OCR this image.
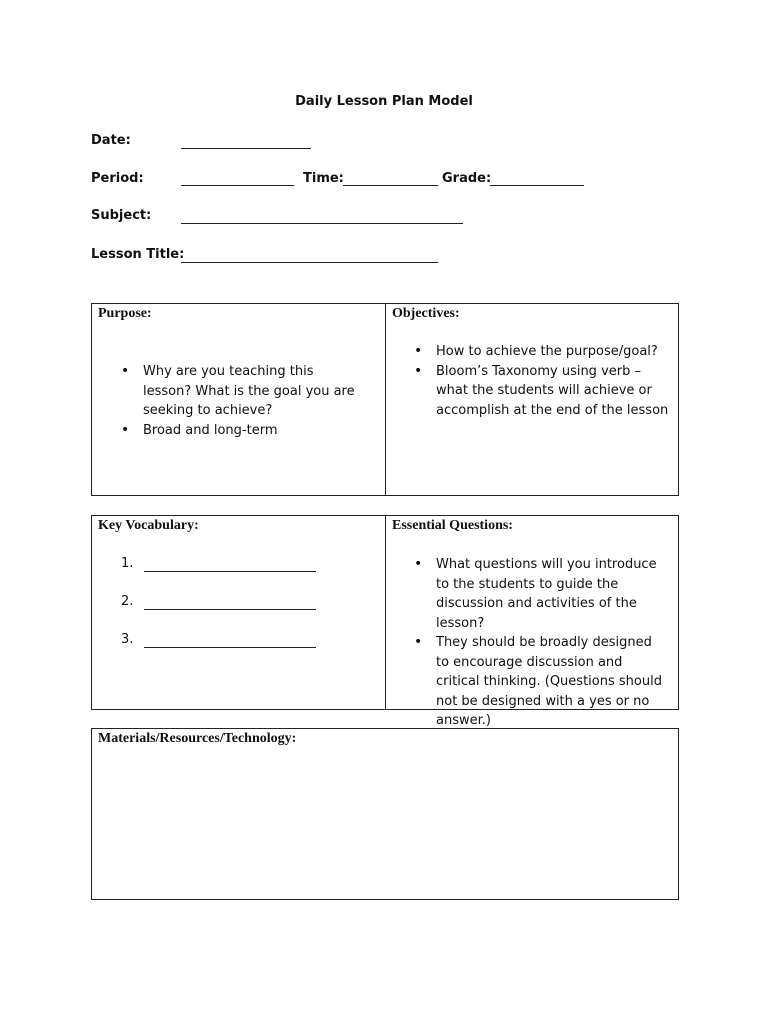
Daily Lesson Plan Model
Date:
Period:	Time:	Grade:
Subject:
Lesson Title:
Purpose:
• Why are you teaching this lesson? What is the goal you are seeking to achieve?
• Broad and long-term
Objectives:
• How to achieve the purpose/goal?
• Bloom’s Taxonomy using verb – what the students will achieve or accomplish at the end of the lesson
Key Vocabulary:
1.
2.
3.
Essential Questions:
• What questions will you introduce to the students to guide the discussion and activities of the lesson?
• They should be broadly designed to encourage discussion and critical thinking. (Questions should not be designed with a yes or no answer.)
Materials/Resources/Technology:
